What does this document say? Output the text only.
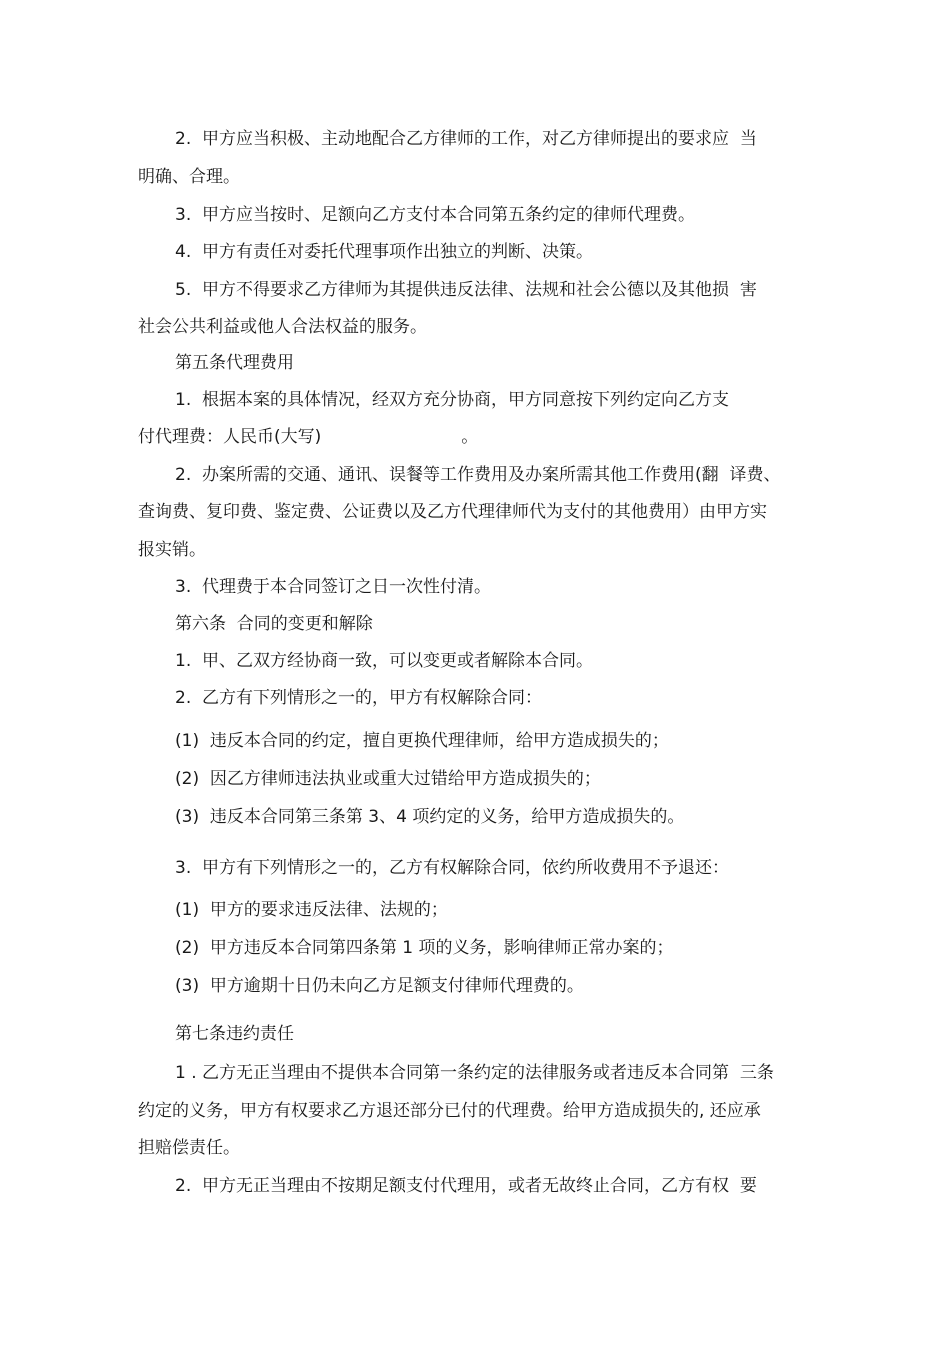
2.  甲方应当积极、主动地配合乙方律师的工作，对乙方律师提出的要求应  当
明确、合理。
3.  甲方应当按时、足额向乙方支付本合同第五条约定的律师代理费。
4.  甲方有责任对委托代理事项作出独立的判断、决策。
5.  甲方不得要求乙方律师为其提供违反法律、法规和社会公德以及其他损  害
社会公共利益或他人合法权益的服务。
第五条代理费用
1.  根据本案的具体情况，经双方充分协商，甲方同意按下列约定向乙方支
付代理费：人民币(大写)	。
2.  办案所需的交通、通讯、误餐等工作费用及办案所需其他工作费用(翻  译费、
查询费、复印费、鉴定费、公证费以及乙方代理律师代为支付的其他费用）由甲方实
报实销。
3.  代理费于本合同签订之日一次性付清。
第六条  合同的变更和解除
1.  甲、乙双方经协商一致，可以变更或者解除本合同。
2.  乙方有下列情形之一的，甲方有权解除合同：
(1)  违反本合同的约定，擅自更换代理律师，给甲方造成损失的；
(2)  因乙方律师违法执业或重大过错给甲方造成损失的；
(3)  违反本合同第三条第 3、4 项约定的义务，给甲方造成损失的。
3.  甲方有下列情形之一的，乙方有权解除合同，依约所收费用不予退还：
(1)  甲方的要求违反法律、法规的；
(2)  甲方违反本合同第四条第 1 项的义务，影响律师正常办案的；
(3)  甲方逾期十日仍未向乙方足额支付律师代理费的。
第七条违约责任
1 . 乙方无正当理由不提供本合同第一条约定的法律服务或者违反本合同第  三条
约定的义务，甲方有权要求乙方退还部分已付的代理费。给甲方造成损失的, 还应承
担赔偿责任。
2.  甲方无正当理由不按期足额支付代理用，或者无故终止合同，乙方有权  要
